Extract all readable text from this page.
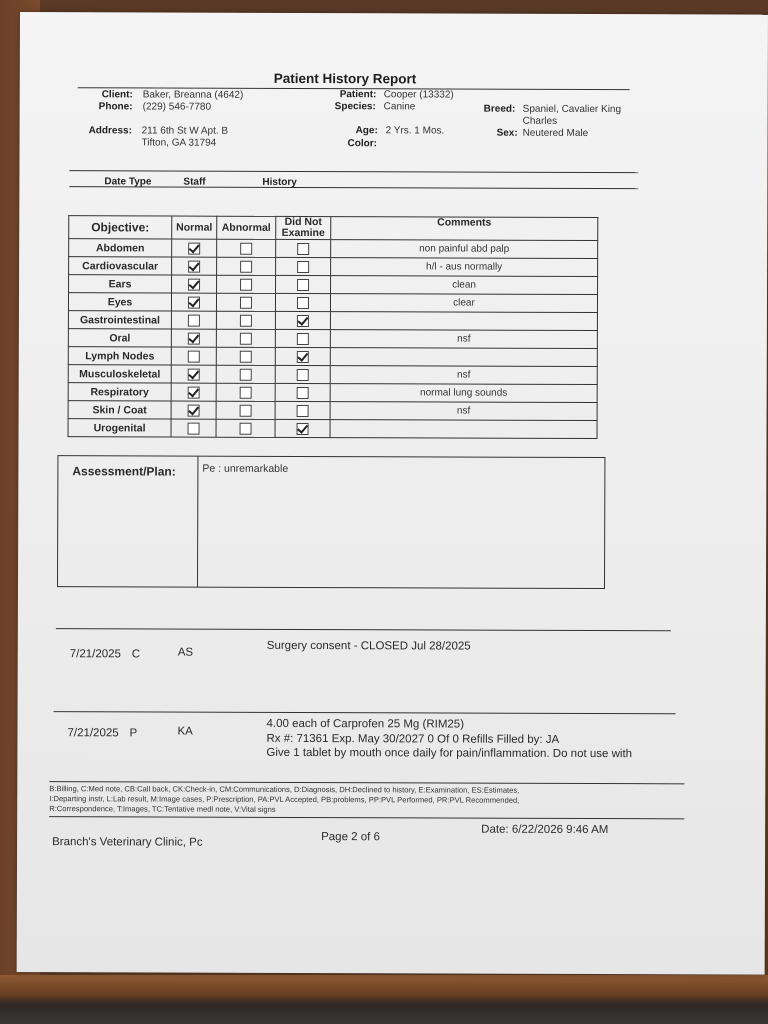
Patient History Report
Client: Baker, Breanna (4642)
Phone: (229) 546-7780
Address: 211 6th St W Apt. B
Tifton, GA 31794
Patient: Cooper (13332)
Species: Canine
Age: 2 Yrs. 1 Mos.
Color:
Breed: Spaniel, Cavalier King
Charles
Sex: Neutered Male
Date Type	Staff	History
Objective:	Normal	Abnormal	Did Not
Examine	Comments
Abdomen				non painful abd palp
Cardiovascular				h/l - aus normally
Ears				clean
Eyes				clear
Gastrointestinal				
Oral				nsf
Lymph Nodes				
Musculoskeletal				nsf
Respiratory				normal lung sounds
Skin / Coat				nsf
Urogenital				
Assessment/Plan:	Pe : unremarkable
7/21/2025 C	AS
Surgery consent - CLOSED Jul 28/2025
7/21/2025 P	KA
4.00 each of Carprofen 25 Mg (RIM25)
Rx #: 71361 Exp. May 30/2027 0 Of 0 Refills Filled by: JA
Give 1 tablet by mouth once daily for pain/inflammation. Do not use with
B:Billing, C:Med note, CB:Call back, CK:Check-in, CM:Communications, D:Diagnosis, DH:Declined to history, E:Examination, ES:Estimates,
I:Departing instr, L:Lab result, M:Image cases, P:Prescription, PA:PVL Accepted, PB:problems, PP:PVL Performed, PR:PVL Recommended,
R:Correspondence, T:Images, TC:Tentative medl note, V:Vital signs
Branch's Veterinary Clinic, Pc	Page 2 of 6
Date: 6/22/2026 9:46 AM
